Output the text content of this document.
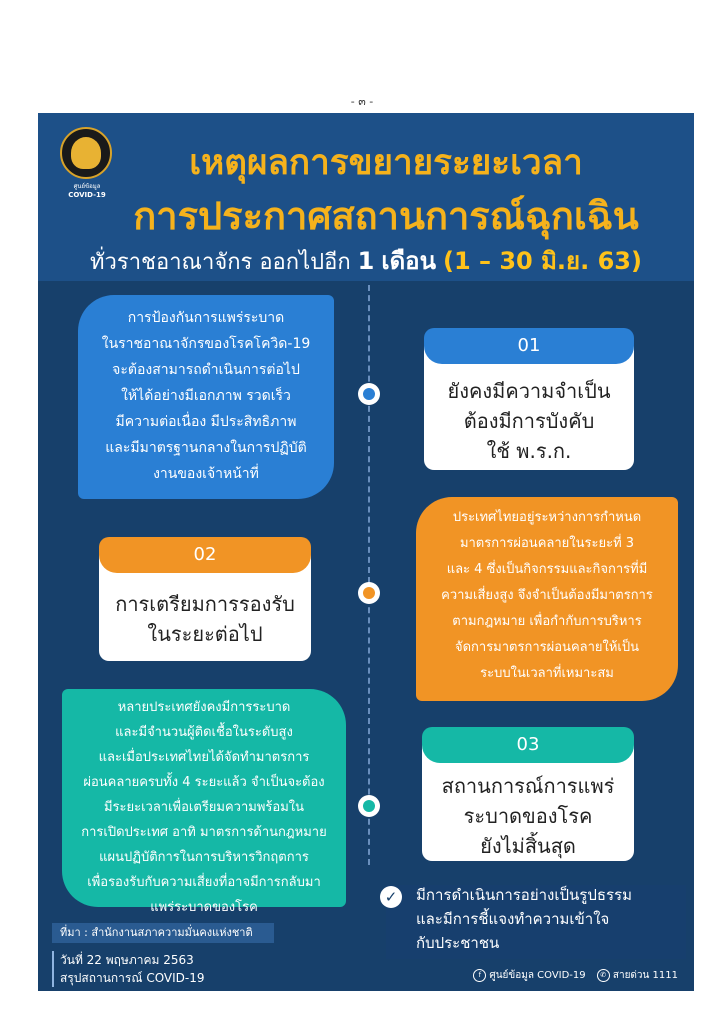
- ๓ -
ศูนย์ข้อมูล
COVID-19
เหตุผลการขยายระยะเวลา
การประกาศสถานการณ์ฉุกเฉิน
ทั่วราชอาณาจักร ออกไปอีก 1 เดือน (1 – 30 มิ.ย. 63)
การป้องกันการแพร่ระบาด
ในราชอาณาจักรของโรคโควิด-19
จะต้องสามารถดำเนินการต่อไป
ให้ได้อย่างมีเอกภาพ รวดเร็ว
มีความต่อเนื่อง มีประสิทธิภาพ
และมีมาตรฐานกลางในการปฏิบัติ
งานของเจ้าหน้าที่
01
ยังคงมีความจำเป็น
ต้องมีการบังคับ
ใช้ พ.ร.ก.
02
การเตรียมการรองรับ
ในระยะต่อไป
ประเทศไทยอยู่ระหว่างการกำหนด
มาตรการผ่อนคลายในระยะที่ 3
และ 4 ซึ่งเป็นกิจกรรมและกิจการที่มี
ความเสี่ยงสูง จึงจำเป็นต้องมีมาตรการ
ตามกฎหมาย เพื่อกำกับการบริหาร
จัดการมาตรการผ่อนคลายให้เป็น
ระบบในเวลาที่เหมาะสม
หลายประเทศยังคงมีการระบาด
และมีจำนวนผู้ติดเชื้อในระดับสูง
และเมื่อประเทศไทยได้จัดทำมาตรการ
ผ่อนคลายครบทั้ง 4 ระยะแล้ว จำเป็นจะต้อง
มีระยะเวลาเพื่อเตรียมความพร้อมใน
การเปิดประเทศ อาทิ มาตรการด้านกฎหมาย
แผนปฏิบัติการในการบริหารวิกฤตการ
เพื่อรองรับกับความเสี่ยงที่อาจมีการกลับมา
แพร่ระบาดของโรค
03
สถานการณ์การแพร่
ระบาดของโรค
ยังไม่สิ้นสุด
✓	มีการดำเนินการอย่างเป็นรูปธรรม
และมีการชี้แจงทำความเข้าใจ
กับประชาชน
ที่มา : สำนักงานสภาความมั่นคงแห่งชาติ
วันที่ 22 พฤษภาคม 2563
สรุปสถานการณ์ COVID-19	f ศูนย์ข้อมูล COVID-19 ✆ สายด่วน 1111
